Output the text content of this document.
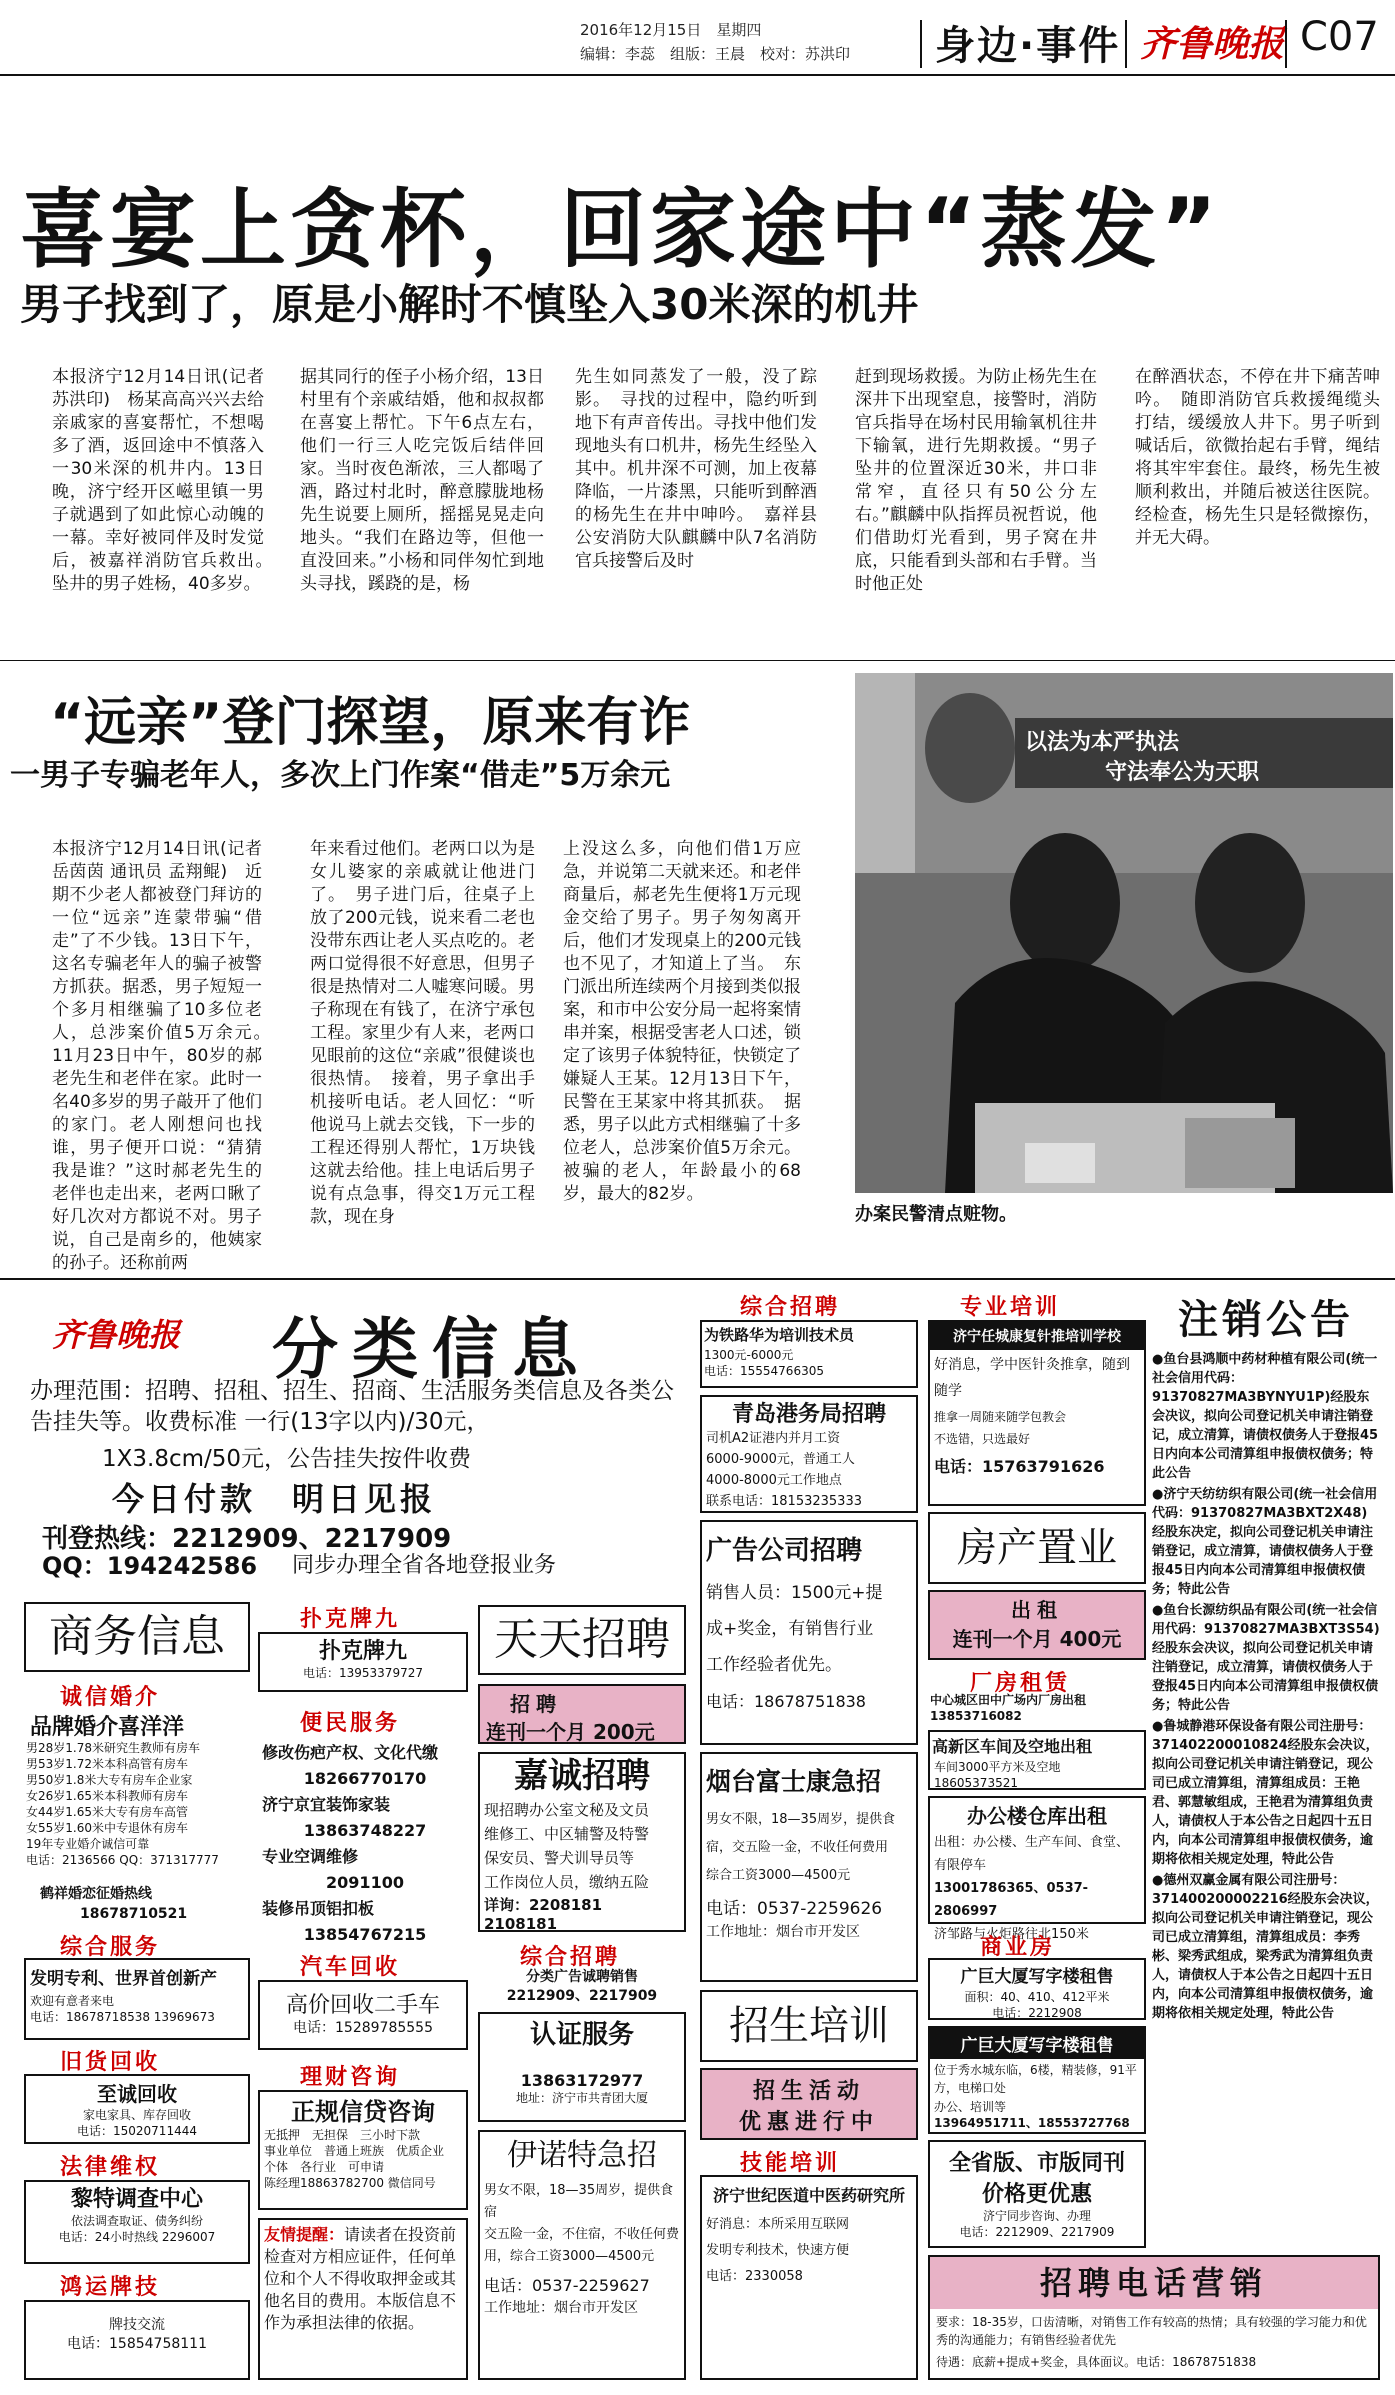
2016年12月15日　星期四
编辑：李蕊　组版：王晨　校对：苏洪印	身边·事件 齐鲁晚报 C07
喜宴上贪杯，回家途中“蒸发”
男子找到了，原是小解时不慎坠入30米深的机井
本报济宁12月14日讯(记者 苏洪印)　杨某高高兴兴去给亲戚家的喜宴帮忙，不想喝多了酒，返回途中不慎落入一30米深的机井内。13日晚，济宁经开区嵫里镇一男子就遇到了如此惊心动魄的一幕。幸好被同伴及时发觉后，被嘉祥消防官兵救出。　坠井的男子姓杨，40多岁。
据其同行的侄子小杨介绍，13日村里有个亲戚结婚，他和叔叔都在喜宴上帮忙。下午6点左右，他们一行三人吃完饭后结伴回家。当时夜色渐浓，三人都喝了酒，路过村北时，醉意朦胧地杨先生说要上厕所，摇摇晃晃走向地头。“我们在路边等，但他一直没回来。”小杨和同伴匆忙到地头寻找，蹊跷的是，杨
先生如同蒸发了一般，没了踪影。　寻找的过程中，隐约听到地下有声音传出。寻找中他们发现地头有口机井，杨先生经坠入其中。机井深不可测，加上夜幕降临，一片漆黑，只能听到醉酒的杨先生在井中呻吟。　嘉祥县公安消防大队麒麟中队7名消防官兵接警后及时
赶到现场救援。为防止杨先生在深井下出现窒息，接警时，消防官兵指导在场村民用输氧机往井下输氧，进行先期救援。“男子坠井的位置深近30米，井口非常窄，直径只有50公分左右。”麒麟中队指挥员祝哲说，他们借助灯光看到，男子窝在井底，只能看到头部和右手臂。当时他正处
在醉酒状态，不停在井下痛苦呻吟。　随即消防官兵救援绳缆头打结，缓缓放人井下。男子听到喊话后，欲微抬起右手臂，绳结将其牢牢套住。最终，杨先生被顺利救出，并随后被送往医院。经检查，杨先生只是轻微擦伤，并无大碍。
“远亲”登门探望，原来有诈
一男子专骗老年人，多次上门作案“借走”5万余元
本报济宁12月14日讯(记者 岳茵茵 通讯员 孟翔鲲)　近期不少老人都被登门拜访的一位“远亲”连蒙带骗“借走”了不少钱。13日下午，这名专骗老年人的骗子被警方抓获。据悉，男子短短一个多月相继骗了10多位老人，总涉案价值5万余元。　11月23日中午，80岁的郝老先生和老伴在家。此时一名40多岁的男子敲开了他们的家门。老人刚想问也找谁，男子便开口说：“猜猜我是谁？”这时郝老先生的老伴也走出来，老两口瞅了好几次对方都说不对。男子说，自己是南乡的，他姨家的孙子。还称前两
年来看过他们。老两口以为是女儿婆家的亲戚就让他进门了。　男子进门后，往桌子上放了200元钱，说来看二老也没带东西让老人买点吃的。老两口觉得很不好意思，但男子很是热情对二人嘘寒问暖。男子称现在有钱了，在济宁承包工程。家里少有人来，老两口见眼前的这位“亲戚”很健谈也很热情。　接着，男子拿出手机接听电话。老人回忆：“听他说马上就去交钱，下一步的工程还得别人帮忙，1万块钱这就去给他。挂上电话后男子说有点急事，得交1万元工程款，现在身
上没这么多，向他们借1万应急，并说第二天就来还。和老伴商量后，郝老先生便将1万元现金交给了男子。男子匆匆离开后，他们才发现桌上的200元钱也不见了，才知道上了当。　东门派出所连续两个月接到类似报案，和市中公安分局一起将案情串并案，根据受害老人口述，锁定了该男子体貌特征，快锁定了嫌疑人王某。12月13日下午，民警在王某家中将其抓获。　据悉，男子以此方式相继骗了十多位老人，总涉案价值5万余元。被骗的老人，年龄最小的68岁，最大的82岁。
以法为本严执法
守法奉公为天职
办案民警清点赃物。
齐鲁晚报 分类信息
办理范围：招聘、招租、招生、招商、生活服务类信息及各类公告挂失等。收费标准 一行(13字以内)/30元，
1X3.8cm/50元，公告挂失按件收费
今日付款　明日见报
刊登热线：2212909、2217909
QQ：194242586 同步办理全省各地登报业务
商务信息
诚信婚介
品牌婚介喜洋洋
男28岁1.78米研究生教师有房车
男53岁1.72米本科高管有房车
男50岁1.8米大专有房车企业家
女26岁1.65米本科教师有房车
女44岁1.65米大专有房车高管
女55岁1.60米中专退休有房车
19年专业婚介诚信可靠
电话：2136566 QQ：371317777
鹤祥婚恋征婚热线
18678710521
综合服务
发明专利、世界首创新产
欢迎有意者来电
电话：18678718538 13969673
旧货回收
至诚回收
家电家具、库存回收
电话：15020711444
法律维权
黎特调查中心
依法调查取证、债务纠纷
电话：24小时热线 2296007
鸿运牌技
牌技交流
电话：15854758111
扑克牌九
扑克牌九
电话：13953379727
便民服务
修改伤疤产权、文化代缴
18266770170
济宁京宜装饰家装
13863748227
专业空调维修
2091100
装修吊顶铝扣板
13854767215
汽车回收
高价回收二手车
电话：15289785555
理财咨询
正规信贷咨询
无抵押　无担保　三小时下款
事业单位　普通上班族　优质企业
个体　各行业　可申请
陈经理18863782700 微信同号
友情提醒：请读者在投资前检查对方相应证件，任何单位和个人不得收取押金或其他名目的费用。本版信息不作为承担法律的依据。
天天招聘
招聘
连刊一个月 200元
嘉诚招聘
现招聘办公室文秘及文员
维修工、中区辅警及特警
保安员、警犬训导员等
工作岗位人员，缴纳五险
详询：2208181　2108181
综合招聘
分类广告诚聘销售
2212909、2217909
认证服务
13863172977
地址：济宁市共青团大厦
伊诺特急招
男女不限，18—35周岁，提供食宿
交五险一金，不住宿，不收任何费
用，综合工资3000—4500元
电话：0537-2259627
工作地址：烟台市开发区
综合招聘
为铁路华为培训技术员
1300元-6000元
电话：15554766305
青岛港务局招聘
司机A2证港内并月工资
6000-9000元，普通工人
4000-8000元工作地点
联系电话：18153235333
广告公司招聘
销售人员：1500元+提
成+奖金，有销售行业
工作经验者优先。
电话：18678751838
烟台富士康急招
男女不限，18—35周岁，提供食
宿，交五险一金，不收任何费用
综合工资3000—4500元
电话：0537-2259626
工作地址：烟台市开发区
招生培训
招生活动
优惠进行中
技能培训
济宁世纪医道中医药研究所
好消息：本所采用互联网
发明专利技术，快速方便
电话：2330058
专业培训
济宁任城康复针推培训学校
好消息，学中医针灸推拿，随到随学
推拿一周随来随学包教会
不选错，只选最好
电话：15763791626
房产置业
出租
连刊一个月 400元
厂房租赁
中心城区田中广场内厂房出租
13853716082
高新区车间及空地出租
车间3000平方米及空地
18605373521
办公楼仓库出租
出租：办公楼、生产车间、食堂、
有限停车
13001786365、0537-2806997
济邹路与火炬路往北150米
商业房
广巨大厦写字楼租售
面积：40、410、412平米
电话：2212908
广巨大厦写字楼租售
位于秀水城东临，6楼，精装修，91平方，电梯口处
办公、培训等
13964951711、18553727768
全省版、市版同刊
价格更优惠
济宁同步咨询、办理
电话：2212909、2217909
注销公告
●鱼台县鸿顺中药材种植有限公司(统一社会信用代码：91370827MA3BYNYU1P)经股东会决议，拟向公司登记机关申请注销登记，成立清算，请债权债务人于登报45日内向本公司清算组申报债权债务；特此公告
●济宁天纺纺织有限公司(统一社会信用代码：91370827MA3BXT2X48)经股东决定，拟向公司登记机关申请注销登记，成立清算，请债权债务人于登报45日内向本公司清算组申报债权债务；特此公告
●鱼台长源纺织品有限公司(统一社会信用代码：91370827MA3BXT3S54)经股东会决议，拟向公司登记机关申请注销登记，成立清算，请债权债务人于登报45日内向本公司清算组申报债权债务；特此公告
●鲁城静港环保设备有限公司注册号：371402200010824经股东会决议，拟向公司登记机关申请注销登记，现公司已成立清算组，清算组成员：王艳君、郭慧敏组成，王艳君为清算组负责人，请债权人于本公告之日起四十五日内，向本公司清算组申报债权债务，逾期将依相关规定处理，特此公告
●德州双赢金属有限公司注册号：371400200002216经股东会决议，拟向公司登记机关申请注销登记，现公司已成立清算组，清算组成员：李秀彬、梁秀武组成，梁秀武为清算组负责人，请债权人于本公告之日起四十五日内，向本公司清算组申报债权债务，逾期将依相关规定处理，特此公告
招聘电话营销
要求：18-35岁，口齿清晰，对销售工作有较高的热情；具有较强的学习能力和优秀的沟通能力；有销售经验者优先
待遇：底薪+提成+奖金，具体面议。电话：18678751838
